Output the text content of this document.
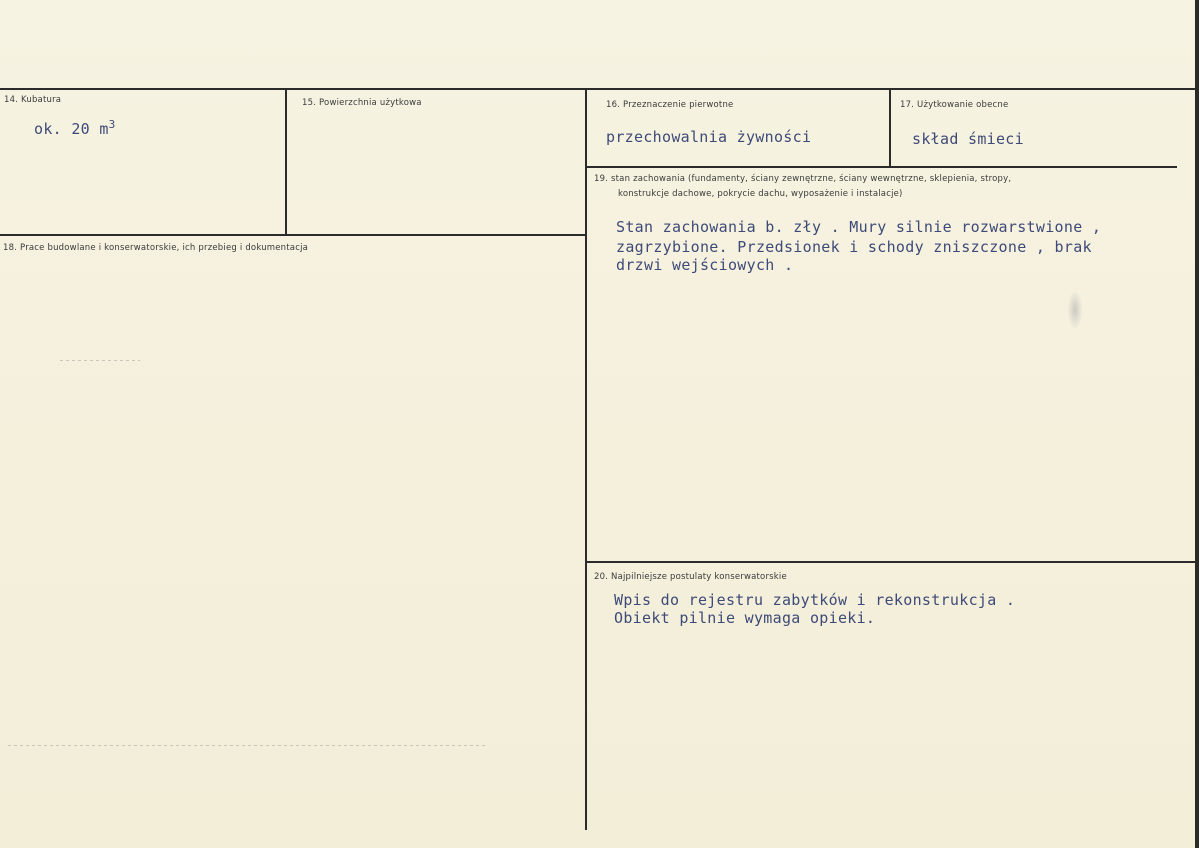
14. Kubatura
ok. 20 $m^3$
15. Powierzchnia użytkowa	16. Przeznaczenie pierwotne
przechowalnia żywności
17. Użytkowanie obecne
skład śmieci
18. Prace budowlane i konserwatorskie, ich przebieg i dokumentacja
19. stan zachowania (fundamenty, ściany zewnętrzne, ściany wewnętrzne, sklepienia, stropy,
konstrukcje dachowe, pokrycie dachu, wyposażenie i instalacje)
Stan zachowania b. zły . Mury silnie rozwarstwione ,
zagrzybione. Przedsionek i schody zniszczone , brak
drzwi wejściowych .
20. Najpilniejsze postulaty konserwatorskie
Wpis do rejestru zabytków i rekonstrukcja .
Obiekt pilnie wymaga opieki.
